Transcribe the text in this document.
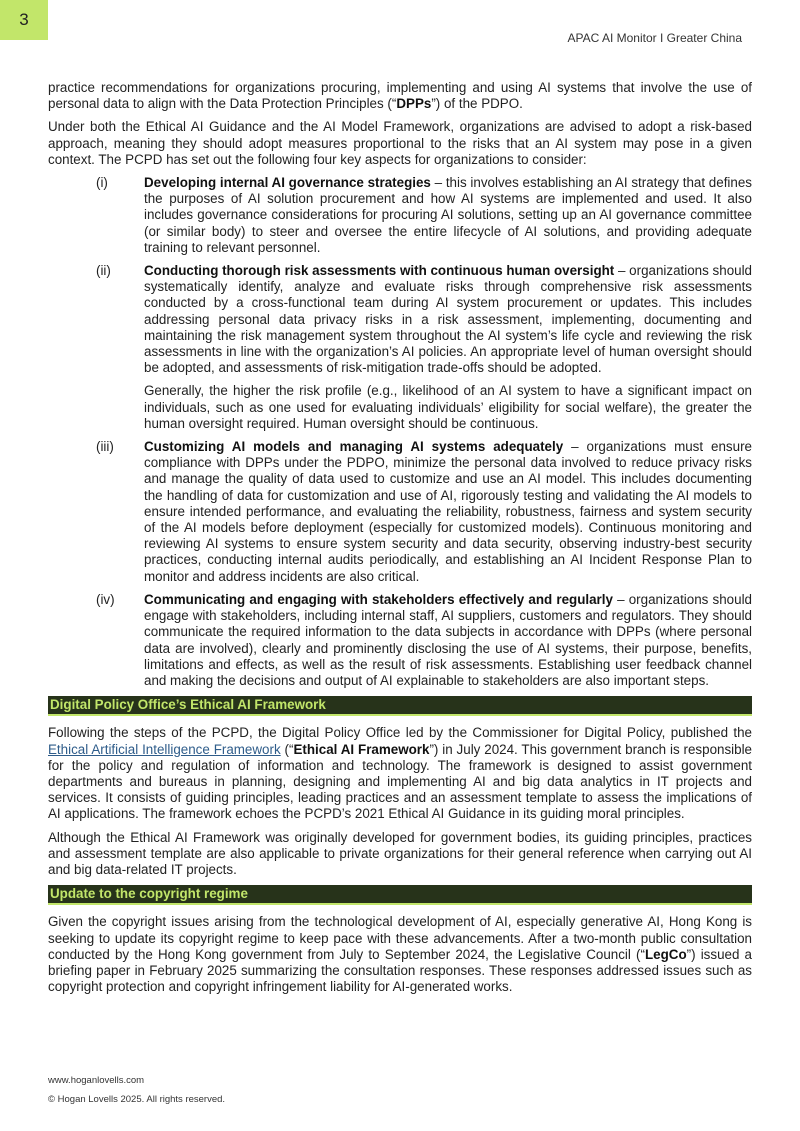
3
APAC AI Monitor I Greater China

practice recommendations for organizations procuring, implementing and using AI systems that involve the use of personal data to align with the Data Protection Principles (“DPPs”) of the PDPO.

Under both the Ethical AI Guidance and the AI Model Framework, organizations are advised to adopt a risk-based approach, meaning they should adopt measures proportional to the risks that an AI system may pose in a given context. The PCPD has set out the following four key aspects for organizations to consider:

(i)	Developing internal AI governance strategies – this involves establishing an AI strategy that defines the purposes of AI solution procurement and how AI systems are implemented and used. It also includes governance considerations for procuring AI solutions, setting up an AI governance committee (or similar body) to steer and oversee the entire lifecycle of AI solutions, and providing adequate training to relevant personnel.

(ii)	Conducting thorough risk assessments with continuous human oversight – organizations should systematically identify, analyze and evaluate risks through comprehensive risk assessments conducted by a cross-functional team during AI system procurement or updates. This includes addressing personal data privacy risks in a risk assessment, implementing, documenting and maintaining the risk management system throughout the AI system’s life cycle and reviewing the risk assessments in line with the organization’s AI policies. An appropriate level of human oversight should be adopted, and assessments of risk-mitigation trade-offs should be adopted.

Generally, the higher the risk profile (e.g., likelihood of an AI system to have a significant impact on individuals, such as one used for evaluating individuals’ eligibility for social welfare), the greater the human oversight required. Human oversight should be continuous.

(iii)	Customizing AI models and managing AI systems adequately – organizations must ensure compliance with DPPs under the PDPO, minimize the personal data involved to reduce privacy risks and manage the quality of data used to customize and use an AI model. This includes documenting the handling of data for customization and use of AI, rigorously testing and validating the AI models to ensure intended performance, and evaluating the reliability, robustness, fairness and system security of the AI models before deployment (especially for customized models). Continuous monitoring and reviewing AI systems to ensure system security and data security, observing industry-best security practices, conducting internal audits periodically, and establishing an AI Incident Response Plan to monitor and address incidents are also critical.

(iv)	Communicating and engaging with stakeholders effectively and regularly – organizations should engage with stakeholders, including internal staff, AI suppliers, customers and regulators. They should communicate the required information to the data subjects in accordance with DPPs (where personal data are involved), clearly and prominently disclosing the use of AI systems, their purpose, benefits, limitations and effects, as well as the result of risk assessments. Establishing user feedback channel and making the decisions and output of AI explainable to stakeholders are also important steps.

Digital Policy Office’s Ethical AI Framework

Following the steps of the PCPD, the Digital Policy Office led by the Commissioner for Digital Policy, published the Ethical Artificial Intelligence Framework (“Ethical AI Framework”) in July 2024. This government branch is responsible for the policy and regulation of information and technology. The framework is designed to assist government departments and bureaus in planning, designing and implementing AI and big data analytics in IT projects and services. It consists of guiding principles, leading practices and an assessment template to assess the implications of AI applications. The framework echoes the PCPD’s 2021 Ethical AI Guidance in its guiding moral principles.

Although the Ethical AI Framework was originally developed for government bodies, its guiding principles, practices and assessment template are also applicable to private organizations for their general reference when carrying out AI and big data-related IT projects.

Update to the copyright regime

Given the copyright issues arising from the technological development of AI, especially generative AI, Hong Kong is seeking to update its copyright regime to keep pace with these advancements. After a two-month public consultation conducted by the Hong Kong government from July to September 2024, the Legislative Council (“LegCo”) issued a briefing paper in February 2025 summarizing the consultation responses. These responses addressed issues such as copyright protection and copyright infringement liability for AI-generated works.

www.hoganlovells.com
© Hogan Lovells 2025. All rights reserved.
